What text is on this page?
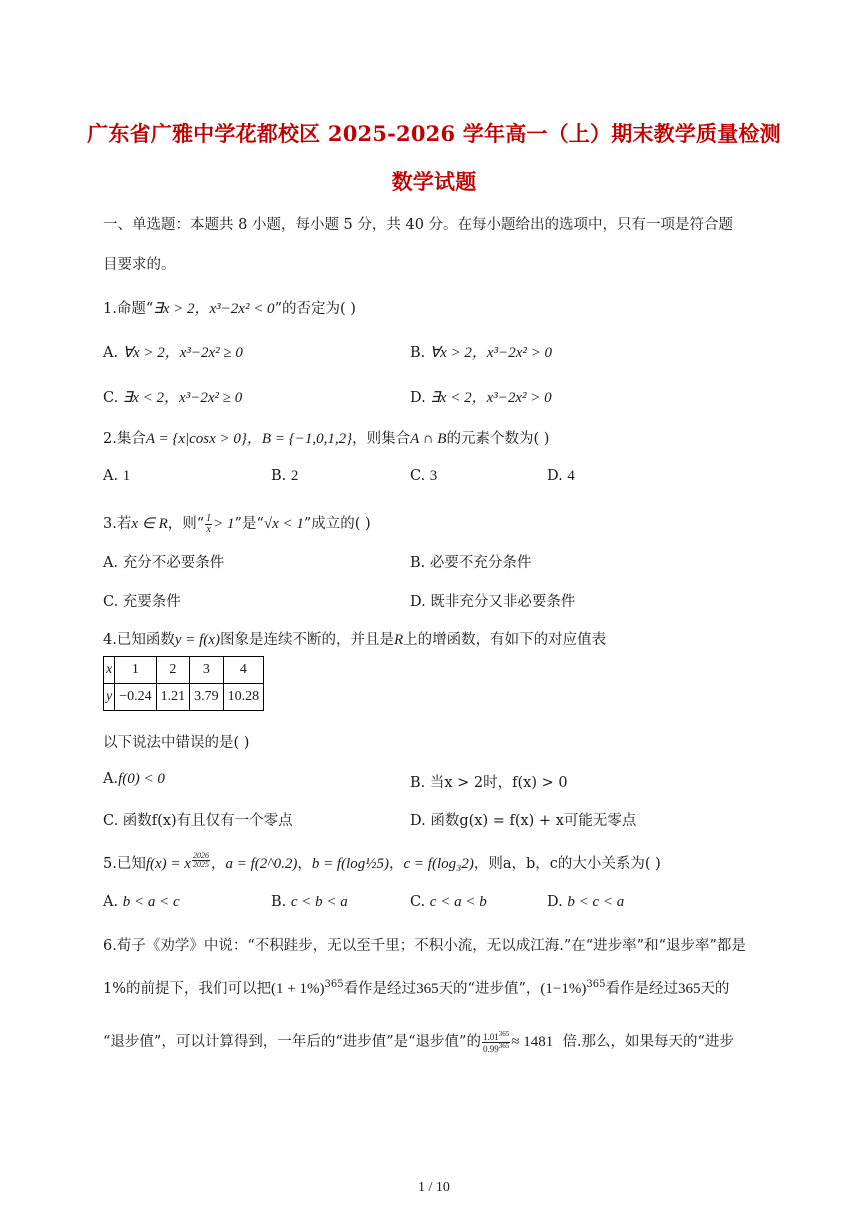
广东省广雅中学花都校区 2025-2026 学年高一（上）期末教学质量检测
数学试题
一、单选题：本题共 8 小题，每小题 5 分，共 40 分。在每小题给出的选项中，只有一项是符合题
目要求的。
1.命题“∃x > 2，x³−2x² < 0”的否定为( )
A. ∀x > 2，x³−2x² ≥ 0	B. ∀x > 2，x³−2x² > 0
C. ∃x < 2，x³−2x² ≥ 0	D. ∃x < 2，x³−2x² > 0
2.集合A = {x|cosx > 0}，B = {−1,0,1,2}，则集合A ∩ B的元素个数为( )
A. 1	B. 2	C. 3	D. 4
3.若x ∈ R，则“ $\frac{1}{x} > 1$”是“√x < 1”成立的( )
A. 充分不必要条件	B. 必要不充分条件
C. 充要条件	D. 既非充分又非必要条件
4.已知函数y = f(x)图象是连续不断的，并且是R上的增函数，有如下的对应值表
x	1	2	3	4
y	−0.24	1.21	3.79	10.28
以下说法中错误的是( )
A.f(0) < 0	B. 当x > 2时，f(x) > 0
C. 函数f(x)有且仅有一个零点	D. 函数g(x) = f(x) + x可能无零点
5.已知f(x) = x $\frac{2026}{2025}$ ，a = f(2^0.2)，b = f(log½5)，c = f(log₃2)，则a，b，c的大小关系为( )
A. b < a < c	B. c < b < a	C. c < a < b	D. b < c < a
6.荀子《劝学》中说：“不积跬步，无以至千里；不积小流，无以成江海.”在“进步率”和“退步率”都是
1%的前提下，我们可以把$(1 + 1\%)^{365}$看作是经过365天的“进步值”，$(1-1\%)^{365}$看作是经过365天的
“退步值”，可以计算得到，一年后的“进步值”是“退步值”的 $\frac{1.01^{365}}{0.99^{365}} \approx 1481$ 倍.那么，如果每天的“进步
1 / 10
